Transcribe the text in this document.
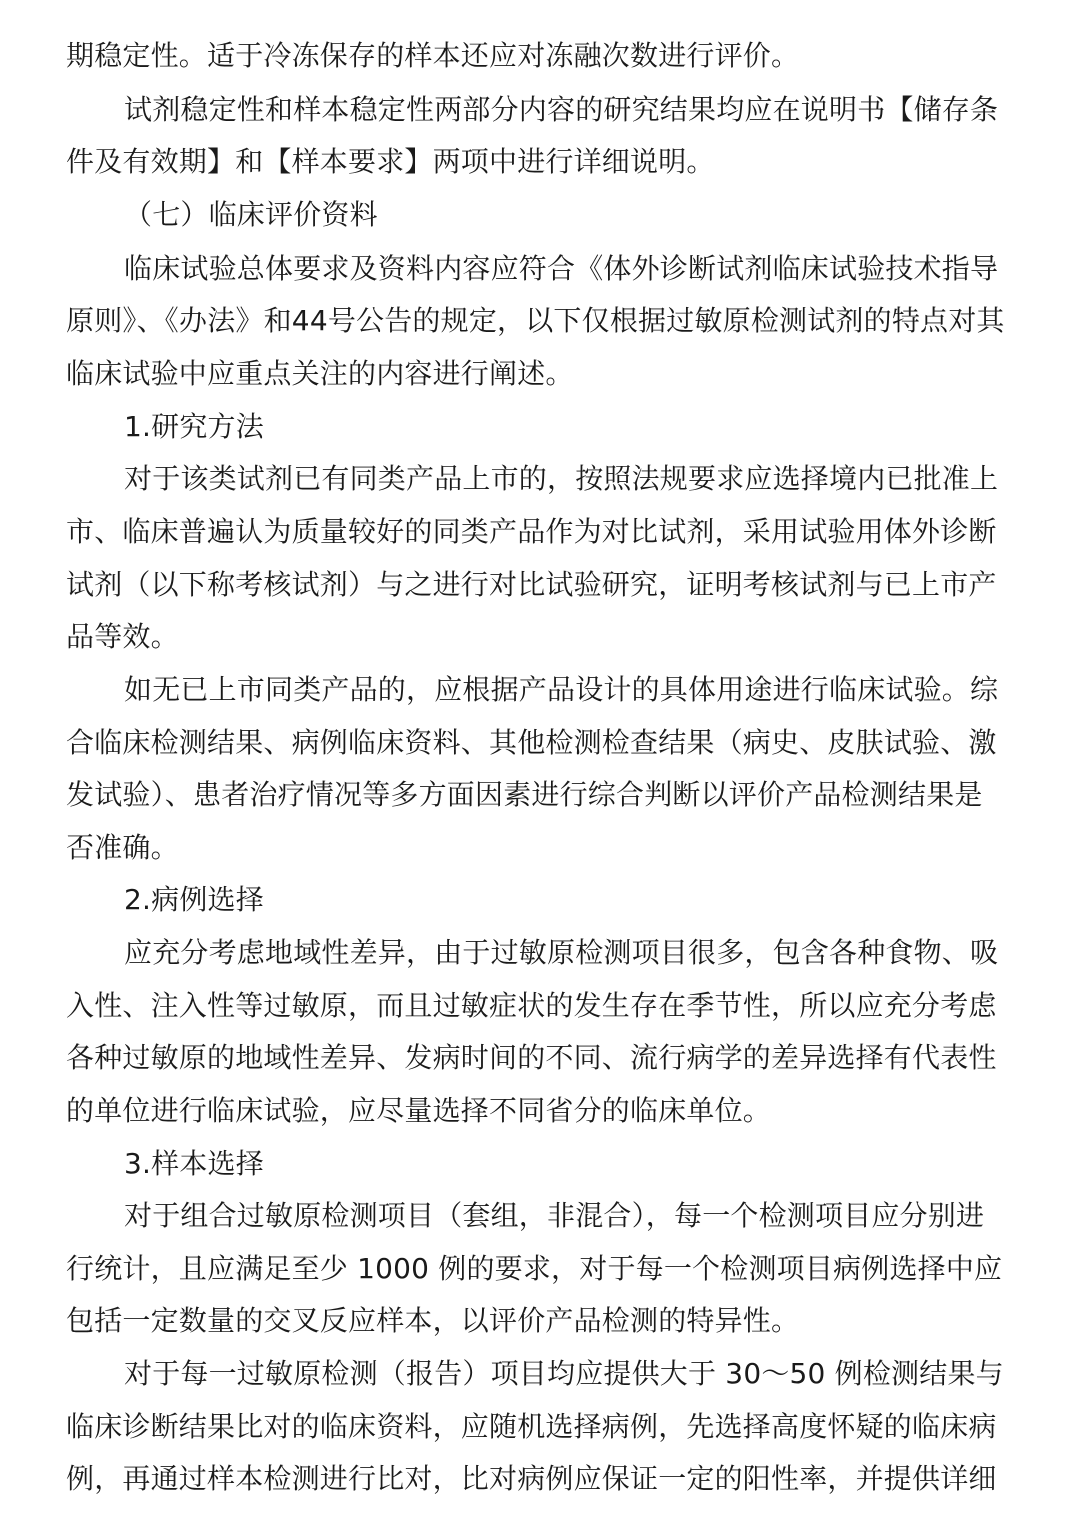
期稳定性。适于冷冻保存的样本还应对冻融次数进行评价。
试剂稳定性和样本稳定性两部分内容的研究结果均应在说明书【储存条
件及有效期】和【样本要求】两项中进行详细说明。
（七）临床评价资料
临床试验总体要求及资料内容应符合《体外诊断试剂临床试验技术指导
原则》、《办法》和44号公告的规定，以下仅根据过敏原检测试剂的特点对其
临床试验中应重点关注的内容进行阐述。
1.研究方法
对于该类试剂已有同类产品上市的，按照法规要求应选择境内已批准上
市、临床普遍认为质量较好的同类产品作为对比试剂，采用试验用体外诊断
试剂（以下称考核试剂）与之进行对比试验研究，证明考核试剂与已上市产
品等效。
如无已上市同类产品的，应根据产品设计的具体用途进行临床试验。综
合临床检测结果、病例临床资料、其他检测检查结果（病史、皮肤试验、激
发试验）、患者治疗情况等多方面因素进行综合判断以评价产品检测结果是
否准确。
2.病例选择
应充分考虑地域性差异，由于过敏原检测项目很多，包含各种食物、吸
入性、注入性等过敏原，而且过敏症状的发生存在季节性，所以应充分考虑
各种过敏原的地域性差异、发病时间的不同、流行病学的差异选择有代表性
的单位进行临床试验，应尽量选择不同省分的临床单位。
3.样本选择
对于组合过敏原检测项目（套组，非混合），每一个检测项目应分别进
行统计，且应满足至少 1000 例的要求，对于每一个检测项目病例选择中应
包括一定数量的交叉反应样本，以评价产品检测的特异性。
对于每一过敏原检测（报告）项目均应提供大于 30～50 例检测结果与
临床诊断结果比对的临床资料，应随机选择病例，先选择高度怀疑的临床病
例，再通过样本检测进行比对，比对病例应保证一定的阳性率，并提供详细
